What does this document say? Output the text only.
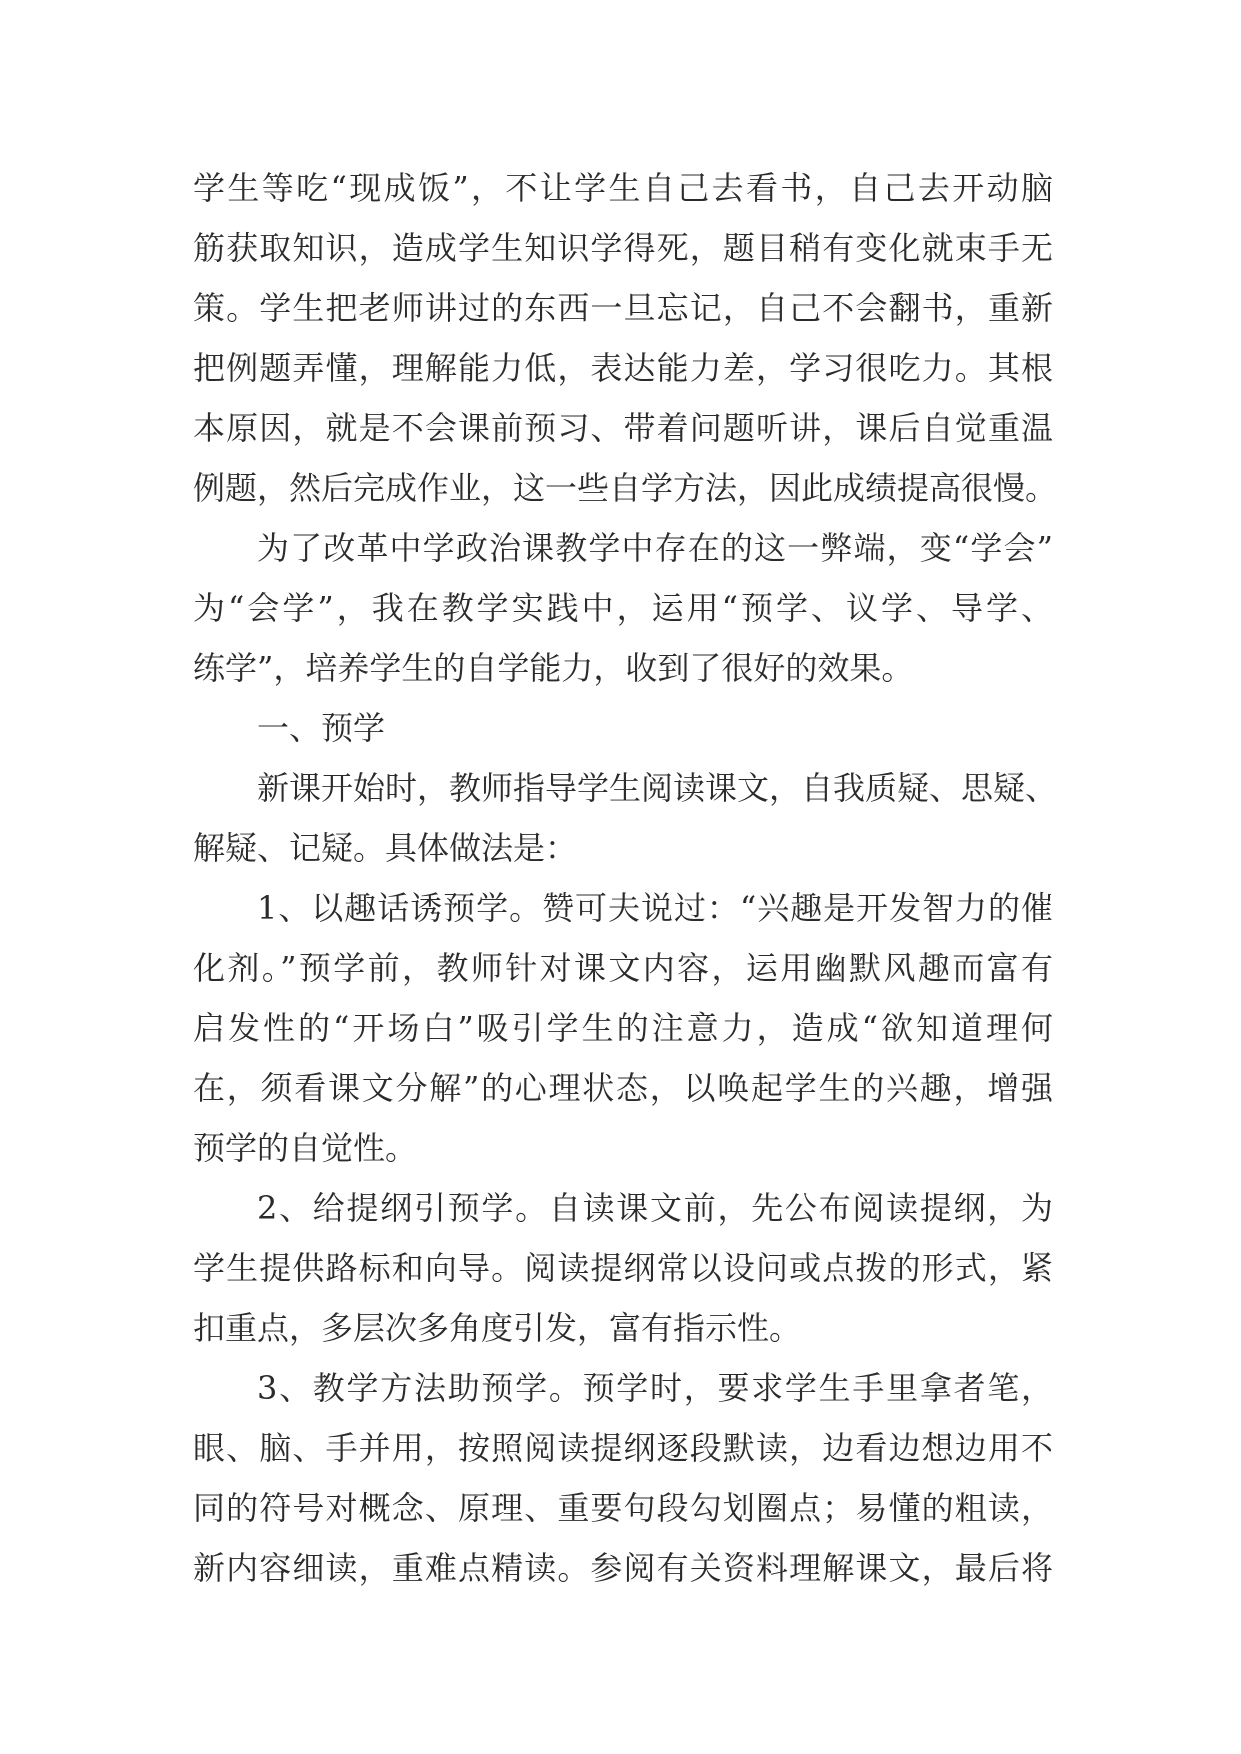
学生等吃“现成饭”，不让学生自己去看书，自己去开动脑
筋获取知识，造成学生知识学得死，题目稍有变化就束手无
策。学生把老师讲过的东西一旦忘记，自己不会翻书，重新
把例题弄懂，理解能力低，表达能力差，学习很吃力。其根
本原因，就是不会课前预习、带着问题听讲，课后自觉重温
例题，然后完成作业，这一些自学方法，因此成绩提高很慢。
为了改革中学政治课教学中存在的这一弊端，变“学会”
为“会学”，我在教学实践中，运用“预学、议学、导学、
练学”，培养学生的自学能力，收到了很好的效果。
一、预学
新课开始时，教师指导学生阅读课文，自我质疑、思疑、
解疑、记疑。具体做法是：
1、以趣话诱预学。赞可夫说过：“兴趣是开发智力的催
化剂。”预学前，教师针对课文内容，运用幽默风趣而富有
启发性的“开场白”吸引学生的注意力，造成“欲知道理何
在，须看课文分解”的心理状态，以唤起学生的兴趣，增强
预学的自觉性。
2、给提纲引预学。自读课文前，先公布阅读提纲，为
学生提供路标和向导。阅读提纲常以设问或点拨的形式，紧
扣重点，多层次多角度引发，富有指示性。
3、教学方法助预学。预学时，要求学生手里拿者笔，
眼、脑、手并用，按照阅读提纲逐段默读，边看边想边用不
同的符号对概念、原理、重要句段勾划圈点；易懂的粗读，
新内容细读，重难点精读。参阅有关资料理解课文，最后将
